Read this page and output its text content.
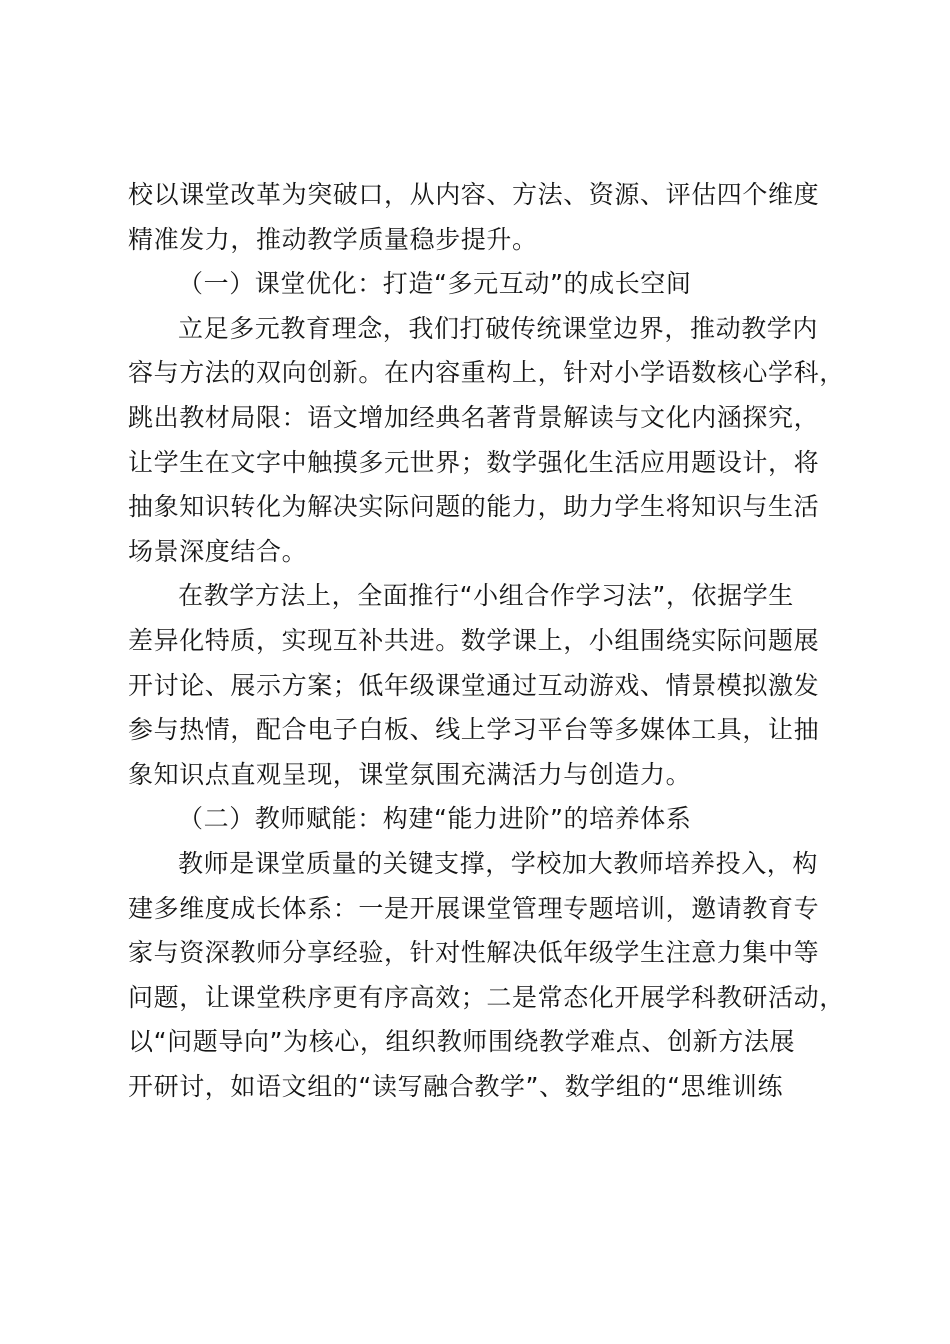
校以课堂改革为突破口，从内容、方法、资源、评估四个维度
精准发力，推动教学质量稳步提升。
（一）课堂优化：打造“多元互动”的成长空间
立足多元教育理念，我们打破传统课堂边界，推动教学内
容与方法的双向创新。在内容重构上，针对小学语数核心学科，
跳出教材局限：语文增加经典名著背景解读与文化内涵探究，
让学生在文字中触摸多元世界；数学强化生活应用题设计，将
抽象知识转化为解决实际问题的能力，助力学生将知识与生活
场景深度结合。
在教学方法上，全面推行“小组合作学习法”，依据学生
差异化特质，实现互补共进。数学课上，小组围绕实际问题展
开讨论、展示方案；低年级课堂通过互动游戏、情景模拟激发
参与热情，配合电子白板、线上学习平台等多媒体工具，让抽
象知识点直观呈现，课堂氛围充满活力与创造力。
（二）教师赋能：构建“能力进阶”的培养体系
教师是课堂质量的关键支撑，学校加大教师培养投入，构
建多维度成长体系：一是开展课堂管理专题培训，邀请教育专
家与资深教师分享经验，针对性解决低年级学生注意力集中等
问题，让课堂秩序更有序高效；二是常态化开展学科教研活动，
以“问题导向”为核心，组织教师围绕教学难点、创新方法展
开研讨，如语文组的“读写融合教学”、数学组的“思维训练
